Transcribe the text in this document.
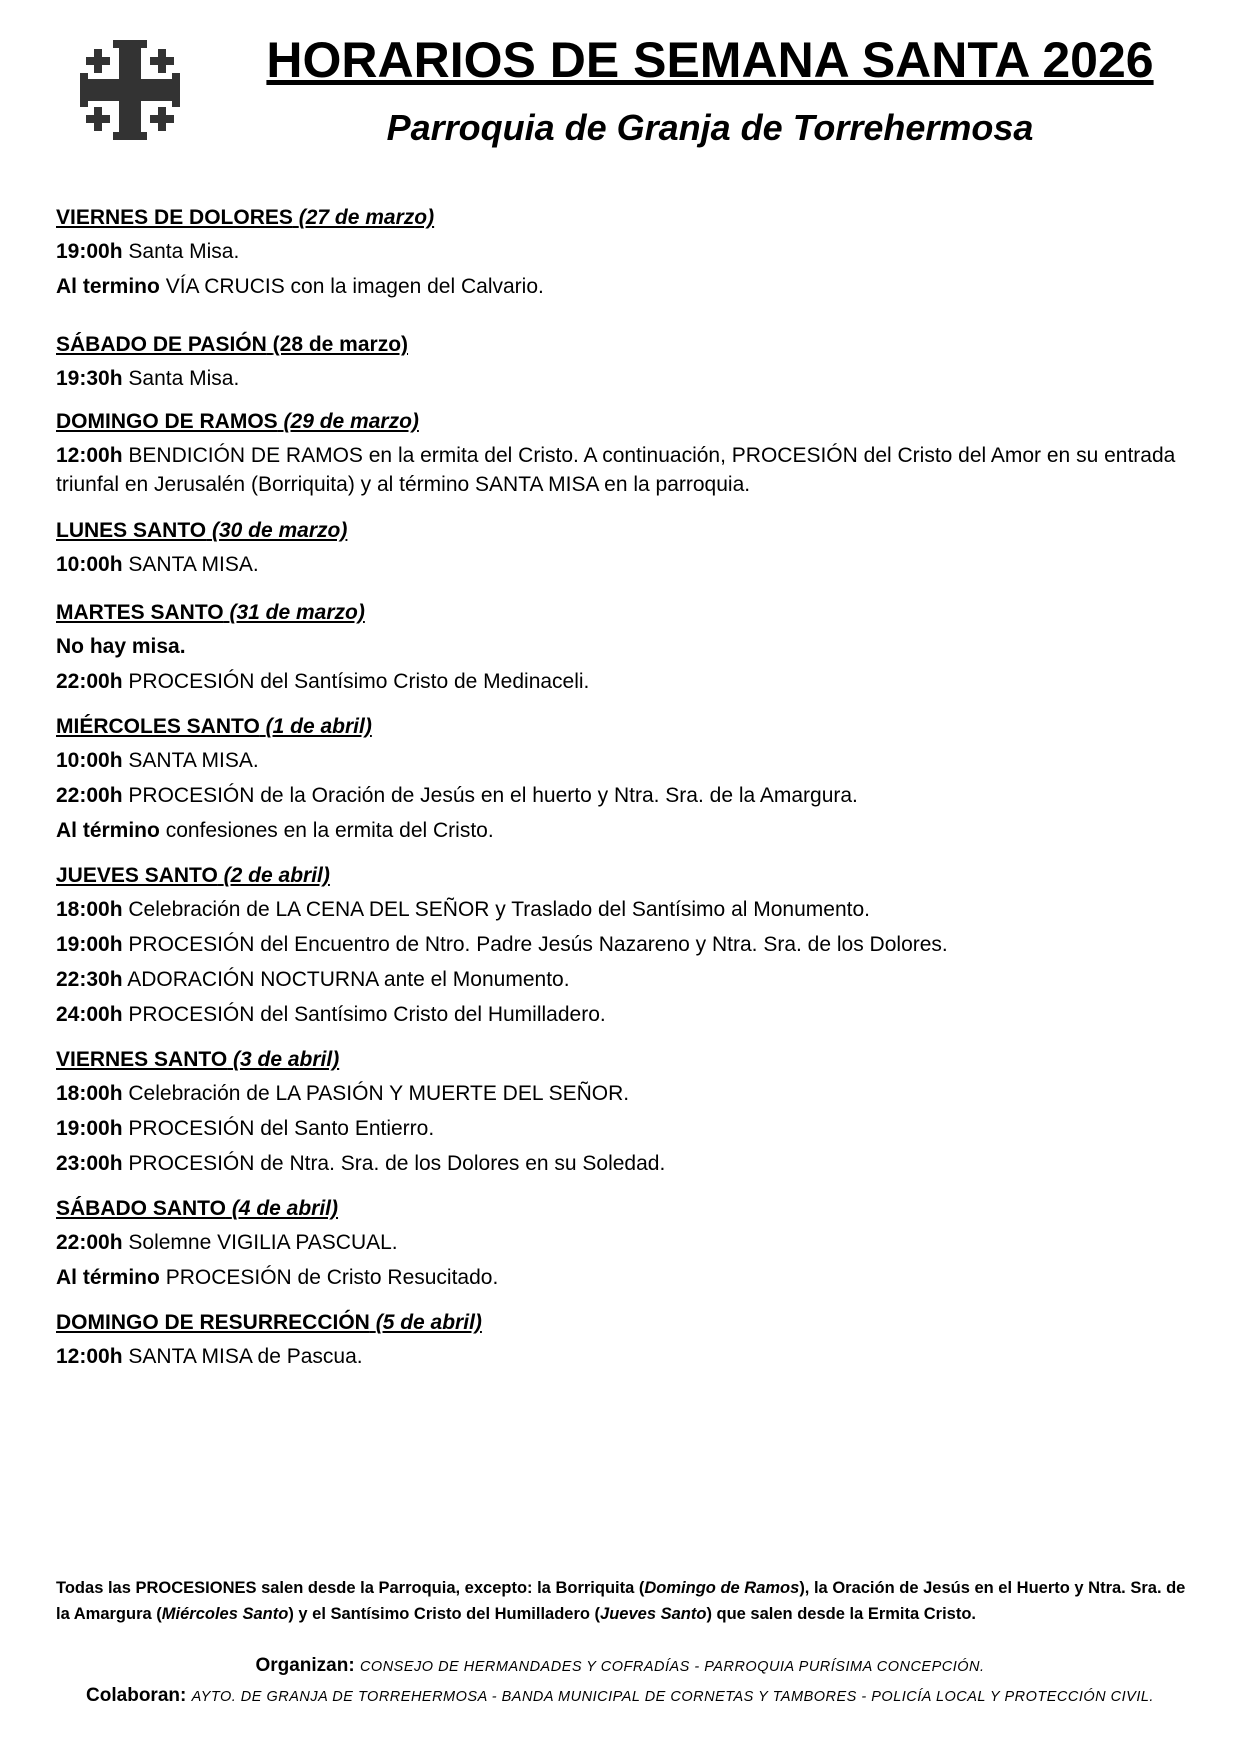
HORARIOS DE SEMANA SANTA 2026
Parroquia de Granja de Torrehermosa
VIERNES DE DOLORES (27 de marzo)
19:00h Santa Misa.
Al termino VÍA CRUCIS con la imagen del Calvario.
SÁBADO DE PASIÓN (28 de marzo)
19:30h Santa Misa.
DOMINGO DE RAMOS (29 de marzo)
12:00h BENDICIÓN DE RAMOS en la ermita del Cristo. A continuación, PROCESIÓN del Cristo del Amor en su entrada triunfal en Jerusalén (Borriquita) y al término SANTA MISA en la parroquia.
LUNES SANTO (30 de marzo)
10:00h SANTA MISA.
MARTES SANTO (31 de marzo)
No hay misa.
22:00h PROCESIÓN del Santísimo Cristo de Medinaceli.
MIÉRCOLES SANTO (1 de abril)
10:00h SANTA MISA.
22:00h PROCESIÓN de la Oración de Jesús en el huerto y Ntra. Sra. de la Amargura.
Al término confesiones en la ermita del Cristo.
JUEVES SANTO (2 de abril)
18:00h Celebración de LA CENA DEL SEÑOR y Traslado del Santísimo al Monumento.
19:00h PROCESIÓN del Encuentro de Ntro. Padre Jesús Nazareno y Ntra. Sra. de los Dolores.
22:30h ADORACIÓN NOCTURNA ante el Monumento.
24:00h PROCESIÓN del Santísimo Cristo del Humilladero.
VIERNES SANTO (3 de abril)
18:00h Celebración de LA PASIÓN Y MUERTE DEL SEÑOR.
19:00h PROCESIÓN del Santo Entierro.
23:00h PROCESIÓN de Ntra. Sra. de los Dolores en su Soledad.
SÁBADO SANTO (4 de abril)
22:00h Solemne VIGILIA PASCUAL.
Al término PROCESIÓN de Cristo Resucitado.
DOMINGO DE RESURRECCIÓN (5 de abril)
12:00h SANTA MISA de Pascua.
Todas las PROCESIONES salen desde la Parroquia, excepto: la Borriquita (Domingo de Ramos), la Oración de Jesús en el Huerto y Ntra. Sra. de la Amargura (Miércoles Santo) y el Santísimo Cristo del Humilladero (Jueves Santo) que salen desde la Ermita Cristo.
Organizan: CONSEJO DE HERMANDADES Y COFRADÍAS - PARROQUIA PURÍSIMA CONCEPCIÓN.
Colaboran: AYTO. DE GRANJA DE TORREHERMOSA - BANDA MUNICIPAL DE CORNETAS Y TAMBORES - POLICÍA LOCAL Y PROTECCIÓN CIVIL.
